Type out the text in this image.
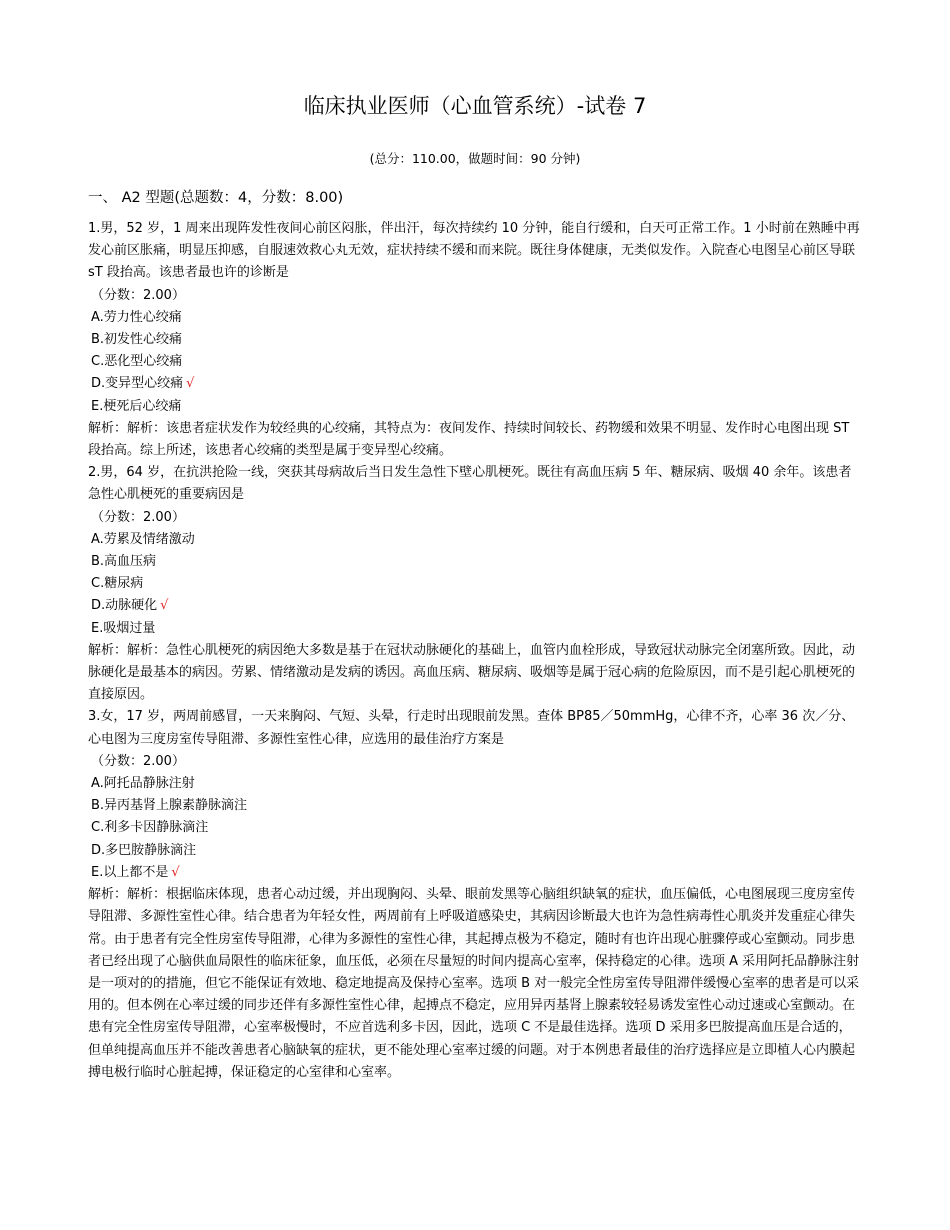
临床执业医师（心血管系统）-试卷 7
(总分：110.00，做题时间：90 分钟)
一、 A2 型题(总题数：4，分数：8.00)

1.男，52 岁，1 周来出现阵发性夜间心前区闷胀，伴出汗，每次持续约 10 分钟，能自行缓和，白天可正常工作。1 小时前在熟睡中再发心前区胀痛，明显压抑感，自服速效救心丸无效，症状持续不缓和而来院。既往身体健康，无类似发作。入院查心电图呈心前区导联 sT 段抬高。该患者最也许的诊断是

（分数：2.00）

A.劳力性心绞痛

B.初发性心绞痛

C.恶化型心绞痛

D.变异型心绞痛 √

E.梗死后心绞痛

解析：解析：该患者症状发作为较经典的心绞痛，其特点为：夜间发作、持续时间较长、药物缓和效果不明显、发作时心电图出现 ST 段抬高。综上所述，该患者心绞痛的类型是属于变异型心绞痛。

2.男，64 岁，在抗洪抢险一线，突获其母病故后当日发生急性下壁心肌梗死。既往有高血压病 5 年、糖尿病、吸烟 40 余年。该患者急性心肌梗死的重要病因是

（分数：2.00）

A.劳累及情绪激动

B.高血压病

C.糖尿病

D.动脉硬化 √

E.吸烟过量

解析：解析：急性心肌梗死的病因绝大多数是基于在冠状动脉硬化的基础上，血管内血栓形成，导致冠状动脉完全闭塞所致。因此，动脉硬化是最基本的病因。劳累、情绪激动是发病的诱因。高血压病、糖尿病、吸烟等是属于冠心病的危险原因，而不是引起心肌梗死的直接原因。

3.女，17 岁，两周前感冒，一天来胸闷、气短、头晕，行走时出现眼前发黑。查体 BP85／50mmHg，心律不齐，心率 36 次／分、心电图为三度房室传导阻滞、多源性室性心律，应选用的最佳治疗方案是

（分数：2.00）

A.阿托品静脉注射

B.异丙基肾上腺素静脉滴注

C.利多卡因静脉滴注

D.多巴胺静脉滴注

E.以上都不是 √

解析：解析：根据临床体现，患者心动过缓，并出现胸闷、头晕、眼前发黑等心脑组织缺氧的症状，血压偏低，心电图展现三度房室传导阻滞、多源性室性心律。结合患者为年轻女性，两周前有上呼吸道感染史，其病因诊断最大也许为急性病毒性心肌炎并发重症心律失常。由于患者有完全性房室传导阻滞，心律为多源性的室性心律，其起搏点极为不稳定，随时有也许出现心脏骤停或心室颤动。同步患者已经出现了心脑供血局限性的临床征象，血压低，必须在尽量短的时间内提高心室率，保持稳定的心律。选项 A 采用阿托品静脉注射是一项对的的措施，但它不能保证有效地、稳定地提高及保持心室率。选项 B 对一般完全性房室传导阻滞伴缓慢心室率的患者是可以采用的。但本例在心率过缓的同步还伴有多源性室性心律，起搏点不稳定，应用异丙基肾上腺素较轻易诱发室性心动过速或心室颤动。在患有完全性房室传导阻滞，心室率极慢时，不应首选利多卡因，因此，选项 C 不是最佳选择。选项 D 采用多巴胺提高血压是合适的，但单纯提高血压并不能改善患者心脑缺氧的症状，更不能处理心室率过缓的问题。对于本例患者最佳的治疗选择应是立即植人心内膜起搏电极行临时心脏起搏，保证稳定的心室律和心室率。
